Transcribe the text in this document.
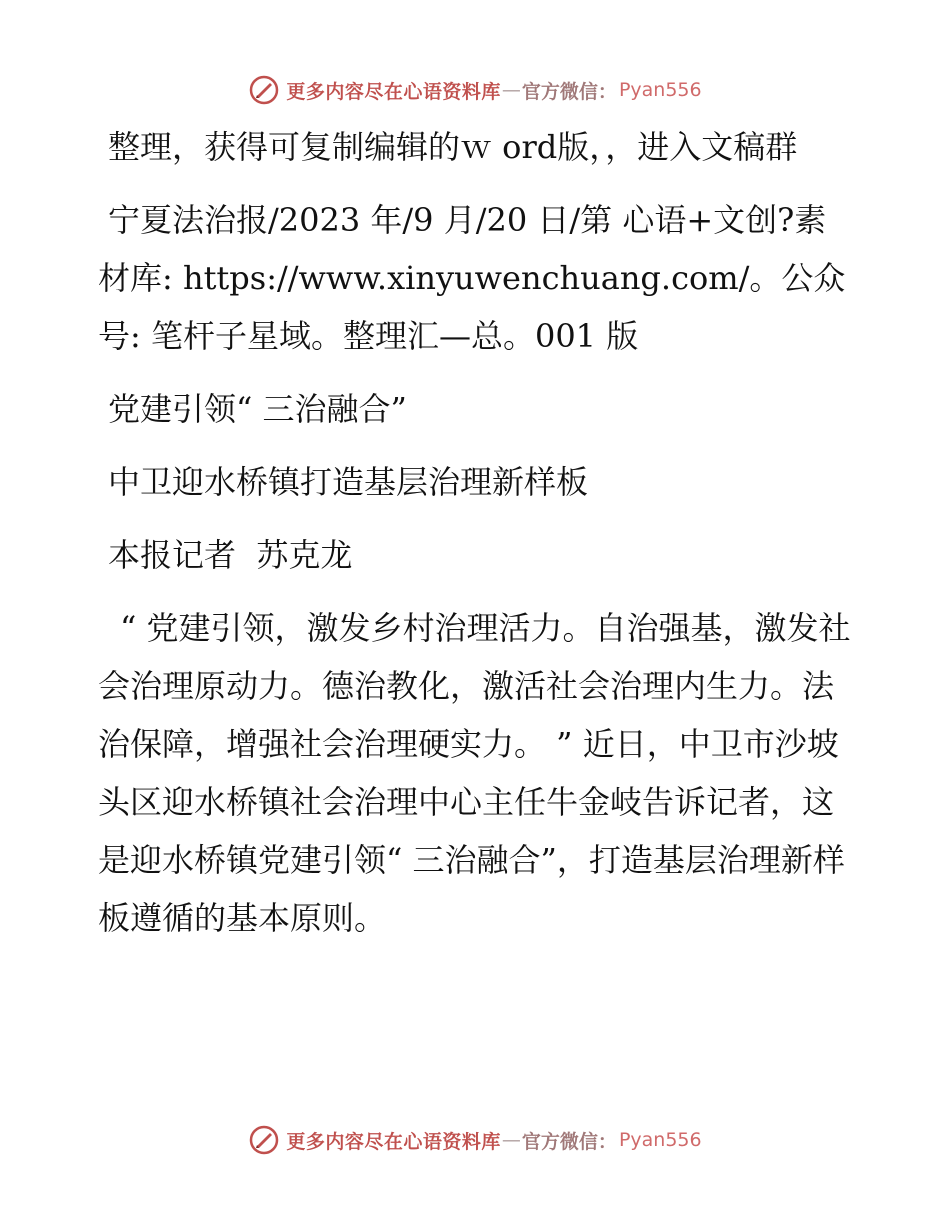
更多内容尽在心语资料库 — 官方微信： Pyan556

整理，获得可复制编辑的ｗ ord版，，进入文稿群

宁夏法治报/2023 年/9 月/20 日/第 心语+文创?素材库: https://www.xinyuwenchuang.com/。公众号: 笔杆子星域。整理汇—总。001 版

党建引领“ 三治融合”

中卫迎水桥镇打造基层治理新样板

本报记者  苏克龙

“ 党建引领，激发乡村治理活力。自治强基，激发社会治理原动力。德治教化，激活社会治理内生力。法治保障，增强社会治理硬实力。 ” 近日，中卫市沙坡头区迎水桥镇社会治理中心主任牛金岐告诉记者，这是迎水桥镇党建引领“ 三治融合”，打造基层治理新样板遵循的基本原则。

更多内容尽在心语资料库 — 官方微信： Pyan556
